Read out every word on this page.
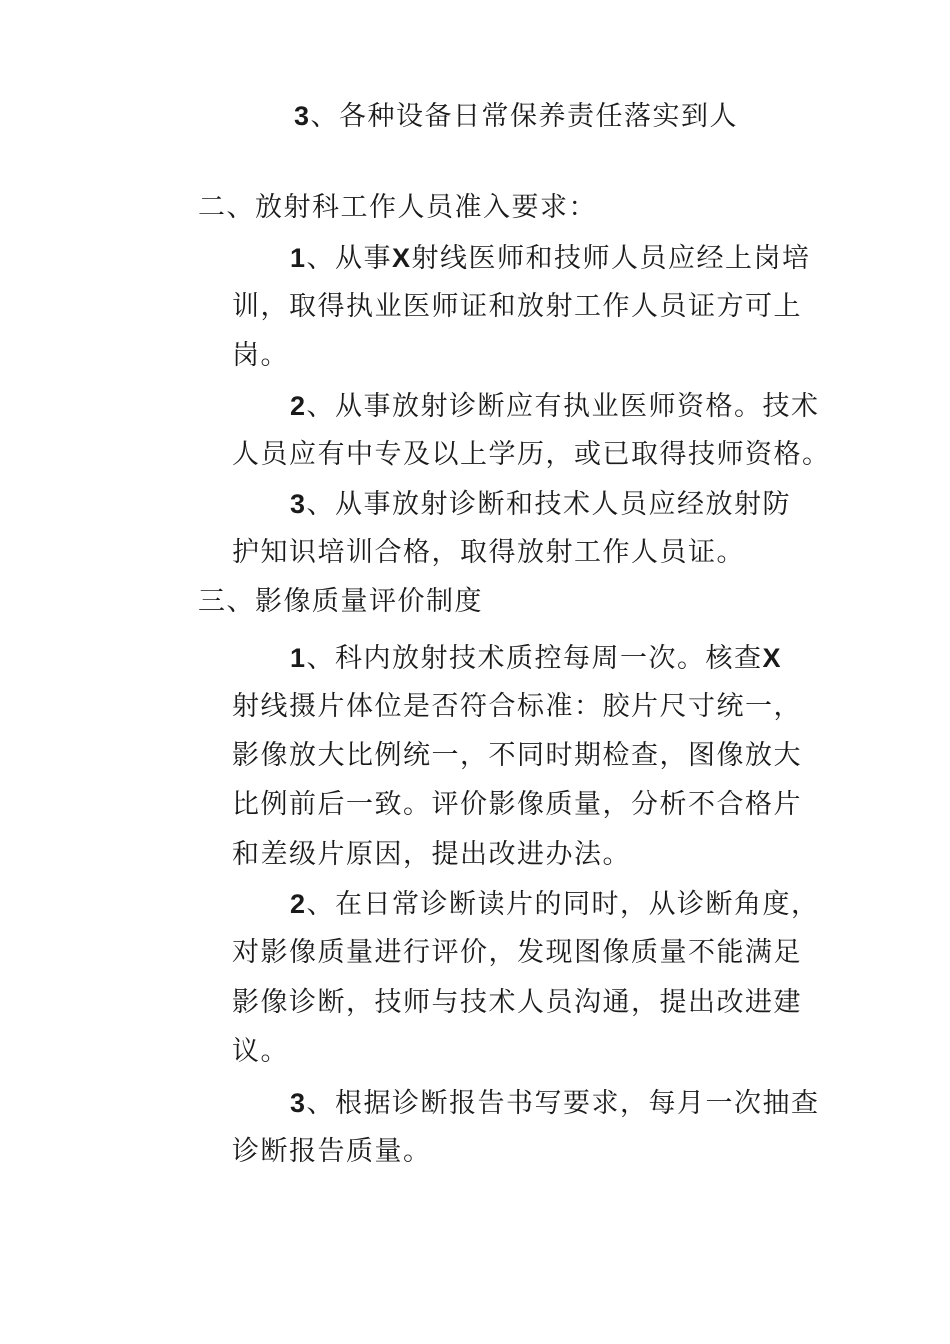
3、各种设备日常保养责任落实到人
二、放射科工作人员准入要求：
1、从事X射线医师和技师人员应经上岗培
训，取得执业医师证和放射工作人员证方可上
岗。
2、从事放射诊断应有执业医师资格。技术
人员应有中专及以上学历，或已取得技师资格。
3、从事放射诊断和技术人员应经放射防
护知识培训合格，取得放射工作人员证。
三、影像质量评价制度
1、科内放射技术质控每周一次。核查X
射线摄片体位是否符合标准：胶片尺寸统一，
影像放大比例统一，不同时期检查，图像放大
比例前后一致。评价影像质量，分析不合格片
和差级片原因，提出改进办法。
2、在日常诊断读片的同时，从诊断角度，
对影像质量进行评价，发现图像质量不能满足
影像诊断，技师与技术人员沟通，提出改进建
议。
3、根据诊断报告书写要求，每月一次抽查
诊断报告质量。
